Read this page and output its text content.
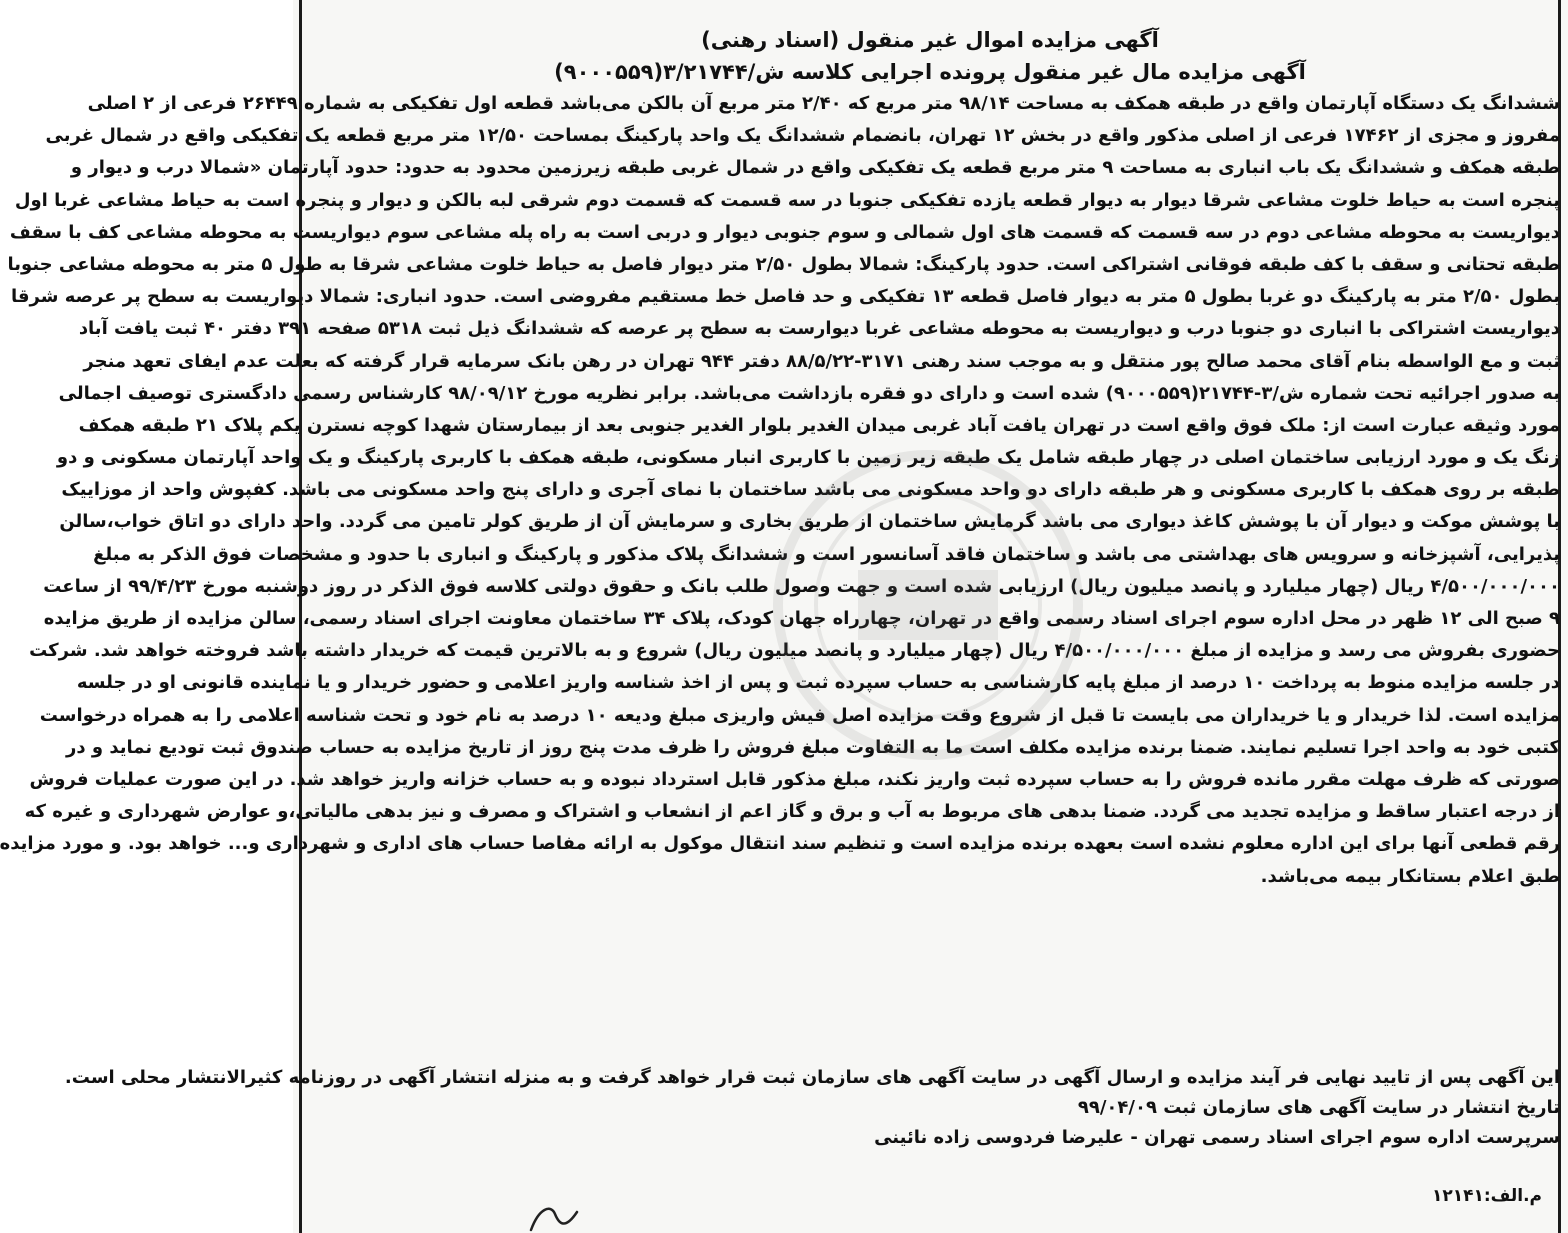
آگهی مزایده اموال غیر منقول (اسناد رهنی)
آگهی مزایده مال غیر منقول پرونده اجرایی کلاسه ش/۳/۲۱۷۴۴(۹۰۰۰۵۵۹)
ششدانگ یک دستگاه آپارتمان واقع در طبقه همکف به مساحت ۹۸/۱۴ متر مربع که ۲/۴۰ متر مربع آن بالکن می‌باشد قطعه اول تفکیکی به شماره ۲۶۴۴۹ فرعی از ۲ اصلی
مفروز و مجزی از ۱۷۴۶۲ فرعی از اصلی مذکور واقع در بخش ۱۲ تهران، بانضمام ششدانگ یک واحد پارکینگ بمساحت ۱۲/۵۰ متر مربع قطعه یک تفکیکی واقع در شمال غربی
طبقه همکف و ششدانگ یک باب انباری به مساحت ۹ متر مربع قطعه یک تفکیکی واقع در شمال غربی طبقه زیرزمین محدود به حدود: حدود آپارتمان «شمالا درب و دیوار و
پنجره است به حیاط خلوت مشاعی شرقا دیوار به دیوار قطعه یازده تفکیکی جنوبا در سه قسمت که قسمت دوم شرقی لبه بالکن و دیوار و پنجره است به حیاط مشاعی غربا اول
دیواریست به محوطه مشاعی دوم در سه قسمت که قسمت های اول شمالی و سوم جنوبی دیوار و دربی است به راه پله مشاعی سوم دیواریست به محوطه مشاعی کف با سقف
طبقه تحتانی و سقف با کف طبقه فوقانی اشتراکی است. حدود پارکینگ: شمالا بطول ۲/۵۰ متر دیوار فاصل به حیاط خلوت مشاعی شرقا به طول ۵ متر به محوطه مشاعی جنوبا
بطول ۲/۵۰ متر به پارکینگ دو غربا بطول ۵ متر به دیوار فاصل قطعه ۱۳ تفکیکی و حد فاصل خط مستقیم مفروضی است. حدود انباری: شمالا دیواریست به سطح پر عرصه شرقا
دیواریست اشتراکی با انباری دو جنوبا درب و دیواریست به محوطه مشاعی غربا دیوارست به سطح پر عرصه که ششدانگ ذیل ثبت ۵۳۱۸ صفحه ۳۹۱ دفتر ۴۰ ثبت یافت آباد
ثبت و مع الواسطه بنام آقای محمد صالح پور منتقل و به موجب سند رهنی ۳۱۷۱-۸۸/۵/۲۲ دفتر ۹۴۴ تهران در رهن بانک سرمایه قرار گرفته که بعلت عدم ایفای تعهد منجر
به صدور اجرائیه تحت شماره ش/۳-۲۱۷۴۴(۹۰۰۰۵۵۹) شده است و دارای دو فقره بازداشت می‌باشد. برابر نظریه مورخ ۹۸/۰۹/۱۲ کارشناس رسمی دادگستری توصیف اجمالی
مورد وثیقه عبارت است از: ملک فوق واقع است در تهران یافت آباد غربی میدان الغدیر بلوار الغدیر جنوبی بعد از بیمارستان شهدا کوچه نسترن یکم پلاک ۲۱ طبقه همکف
زنگ یک و مورد ارزیابی ساختمان اصلی در چهار طبقه شامل یک طبقه زیر زمین با کاربری انبار مسکونی، طبقه همکف با کاربری پارکینگ و یک واحد آپارتمان مسکونی و دو
طبقه بر روی همکف با کاربری مسکونی و هر طبقه دارای دو واحد مسکونی می باشد ساختمان با نمای آجری و دارای پنج واحد مسکونی می باشد. کفپوش واحد از موزاییک
با پوشش موکت و دیوار آن با پوشش کاغذ دیواری می باشد گرمایش ساختمان از طریق بخاری و سرمایش آن از طریق کولر تامین می گردد. واحد دارای دو اتاق خواب،سالن
پذیرایی، آشپزخانه و سرویس های بهداشتی می باشد و ساختمان فاقد آسانسور است و ششدانگ پلاک مذکور و پارکینگ و انباری با حدود و مشخصات فوق الذکر به مبلغ
۴/۵۰۰/۰۰۰/۰۰۰ ریال (چهار میلیارد و پانصد میلیون ریال) ارزیابی شده است و جهت وصول طلب بانک و حقوق دولتی کلاسه فوق الذکر در روز دوشنبه مورخ ۹۹/۴/۲۳ از ساعت
۹ صبح الی ۱۲ ظهر در محل اداره سوم اجرای اسناد رسمی واقع در تهران، چهارراه جهان کودک، پلاک ۳۴ ساختمان معاونت اجرای اسناد رسمی، سالن مزایده از طریق مزایده
حضوری بفروش می رسد و مزایده از مبلغ ۴/۵۰۰/۰۰۰/۰۰۰ ریال (چهار میلیارد و پانصد میلیون ریال) شروع و به بالاترین قیمت که خریدار داشته باشد فروخته خواهد شد. شرکت
در جلسه مزایده منوط به پرداخت ۱۰ درصد از مبلغ پایه کارشناسی به حساب سپرده ثبت و پس از اخذ شناسه واریز اعلامی و حضور خریدار و یا نماینده قانونی او در جلسه
مزایده است. لذا خریدار و یا خریداران می بایست تا قبل از شروع وقت مزایده اصل فیش واریزی مبلغ ودیعه ۱۰ درصد به نام خود و تحت شناسه اعلامی را به همراه درخواست
کتبی خود به واحد اجرا تسلیم نمایند. ضمنا برنده مزایده مکلف است ما به التفاوت مبلغ فروش را ظرف مدت پنج روز از تاریخ مزایده به حساب صندوق ثبت تودیع نماید و در
صورتی که ظرف مهلت مقرر مانده فروش را به حساب سپرده ثبت واریز نکند، مبلغ مذکور قابل استرداد نبوده و به حساب خزانه واریز خواهد شد. در این صورت عملیات فروش
از درجه اعتبار ساقط و مزایده تجدید می گردد. ضمنا بدهی های مربوط به آب و برق و گاز اعم از انشعاب و اشتراک و مصرف و نیز بدهی مالیاتی،و عوارض شهرداری و غیره که
رقم قطعی آنها برای این اداره معلوم نشده است بعهده برنده مزایده است و تنظیم سند انتقال موکول به ارائه مفاصا حساب های اداری و شهرداری و... خواهد بود. و مورد مزایده
طبق اعلام بستانکار بیمه می‌باشد.
این آگهی پس از تایید نهایی فر آیند مزایده و ارسال آگهی در سایت آگهی های سازمان ثبت قرار خواهد گرفت و به منزله انتشار آگهی در روزنامه کثیرالانتشار محلی است.
تاریخ انتشار در سایت آگهی های سازمان ثبت ۹۹/۰۴/۰۹
سرپرست اداره سوم اجرای اسناد رسمی تهران - علیرضا فردوسی زاده نائینی
م.الف:۱۲۱۴۱
